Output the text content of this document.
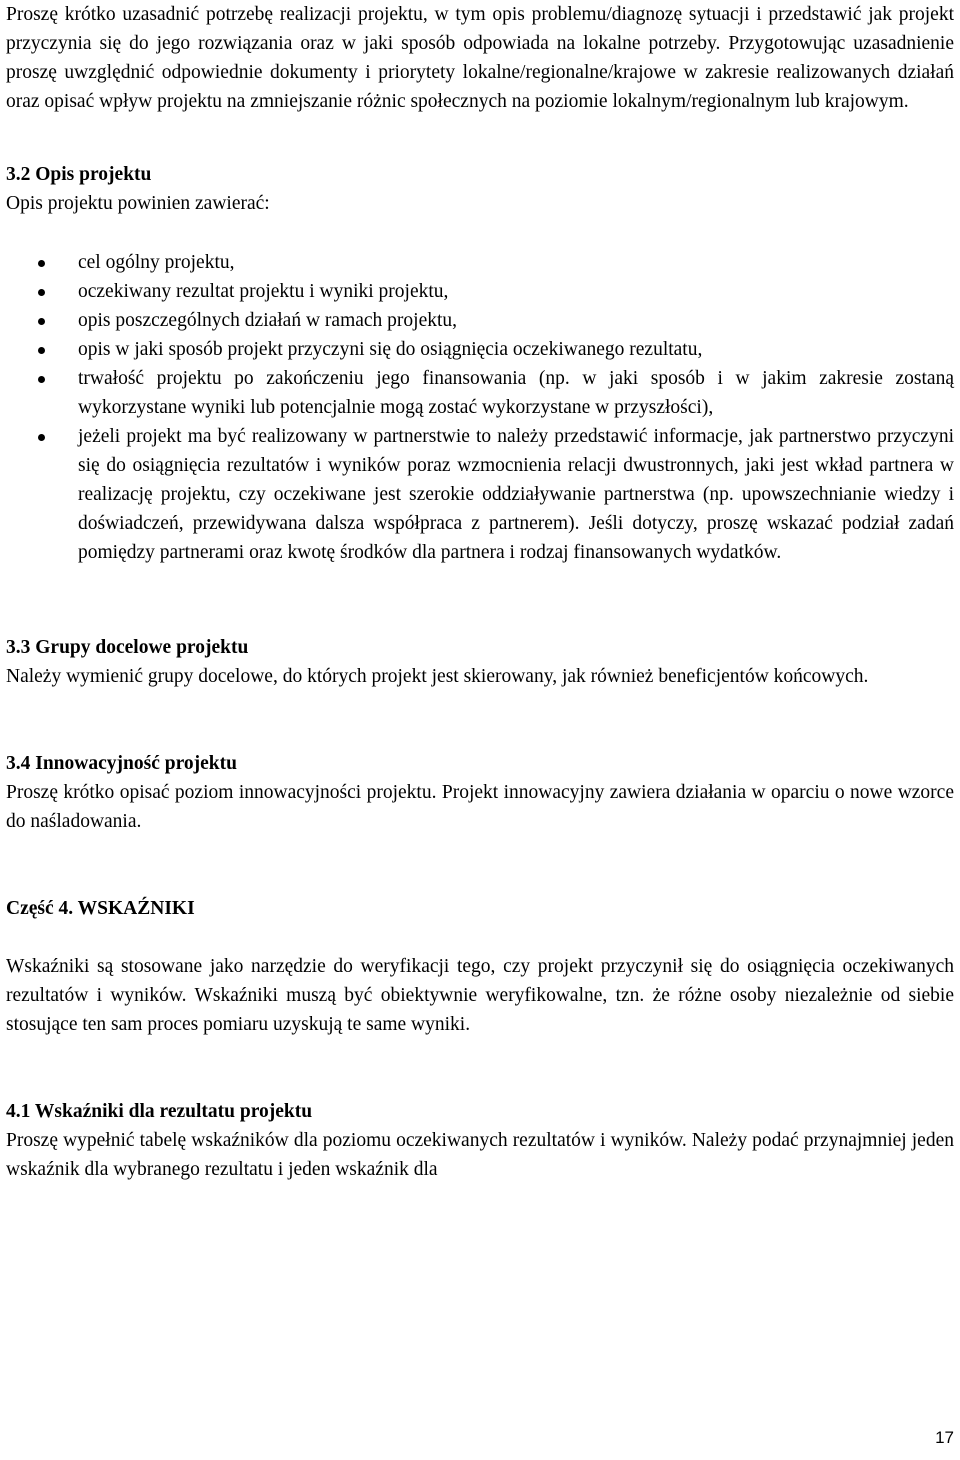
Proszę krótko uzasadnić potrzebę realizacji projektu, w tym opis problemu/diagnozę sytuacji i przedstawić jak projekt przyczynia się do jego rozwiązania oraz w jaki sposób odpowiada na lokalne potrzeby. Przygotowując uzasadnienie proszę uwzględnić odpowiednie dokumenty i priorytety lokalne/regionalne/krajowe w zakresie realizowanych działań oraz opisać wpływ projektu na zmniejszanie różnic społecznych na poziomie lokalnym/regionalnym lub krajowym.

3.2 Opis projektu

Opis projektu powinien zawierać:

cel ogólny projektu,
oczekiwany rezultat projektu i wyniki projektu,
opis poszczególnych działań w ramach projektu,
opis w jaki sposób projekt przyczyni się do osiągnięcia oczekiwanego rezultatu,
trwałość projektu po zakończeniu jego finansowania (np. w jaki sposób i w jakim zakresie zostaną wykorzystane wyniki lub potencjalnie mogą zostać wykorzystane w przyszłości),
jeżeli projekt ma być realizowany w partnerstwie to należy przedstawić informacje, jak partnerstwo przyczyni się do osiągnięcia rezultatów i wyników poraz wzmocnienia relacji dwustronnych, jaki jest wkład partnera w realizację projektu, czy oczekiwane jest szerokie oddziaływanie partnerstwa (np. upowszechnianie wiedzy i doświadczeń, przewidywana dalsza współpraca z partnerem). Jeśli dotyczy, proszę wskazać podział zadań pomiędzy partnerami oraz kwotę środków dla partnera i rodzaj finansowanych wydatków.

3.3 Grupy docelowe projektu

Należy wymienić grupy docelowe, do których projekt jest skierowany, jak również beneficjentów końcowych.

3.4 Innowacyjność projektu

Proszę krótko opisać poziom innowacyjności projektu. Projekt innowacyjny zawiera działania w oparciu o nowe wzorce do naśladowania.

Część 4. WSKAŹNIKI

Wskaźniki są stosowane jako narzędzie do weryfikacji tego, czy projekt przyczynił się do osiągnięcia oczekiwanych rezultatów i wyników. Wskaźniki muszą być obiektywnie weryfikowalne, tzn. że różne osoby niezależnie od siebie stosujące ten sam proces pomiaru uzyskują te same wyniki.

4.1 Wskaźniki dla rezultatu projektu

Proszę wypełnić tabelę wskaźników dla poziomu oczekiwanych rezultatów i wyników. Należy podać przynajmniej jeden wskaźnik dla wybranego rezultatu i jeden wskaźnik dla

17
